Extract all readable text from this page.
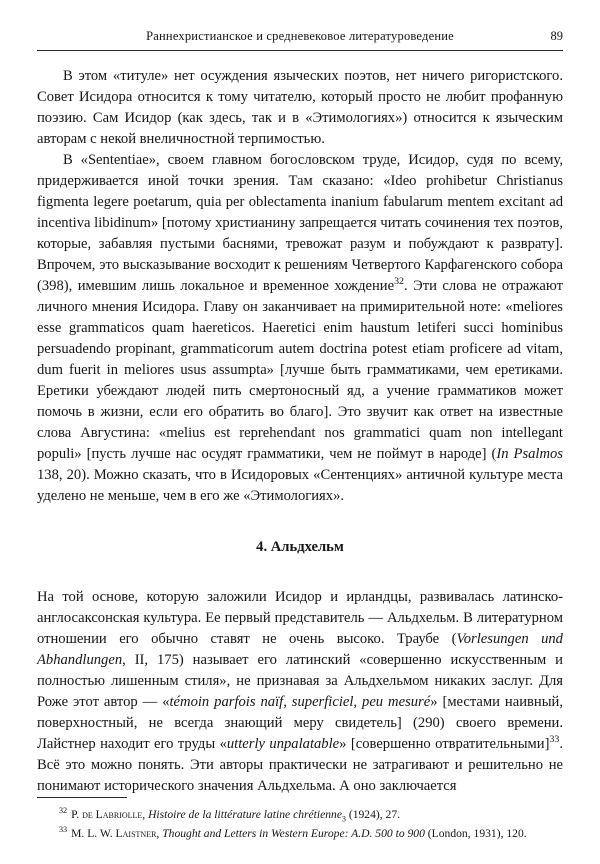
Раннехристианское и средневековое литературоведение	89

В этом «титуле» нет осуждения языческих поэтов, нет ничего ригористского. Совет Исидора относится к тому читателю, который просто не любит профанную поэзию. Сам Исидор (как здесь, так и в «Этимологиях») относится к языческим авторам с некой внеличностной терпимостью.

В «Sententiae», своем главном богословском труде, Исидор, судя по всему, придерживается иной точки зрения. Там сказано: «Ideo prohibetur Christianus figmenta legere poetarum, quia per oblectamenta inanium fabularum mentem excitant ad incentiva libidinum» [потому христианину запрещается читать сочинения тех поэтов, которые, забавляя пустыми баснями, тревожат разум и побуждают к разврату]. Впрочем, это высказывание восходит к решениям Четвертого Карфагенского собора (398), имевшим лишь локальное и временное хождение$^{32}$. Эти слова не отражают личного мнения Исидора. Главу он заканчивает на примирительной ноте: «meliores esse grammaticos quam haereticos. Haeretici enim haustum letiferi succi hominibus persuadendo propinant, grammaticorum autem doctrina potest etiam proficere ad vitam, dum fuerit in meliores usus assumpta» [лучше быть грамматиками, чем еретиками. Еретики убеждают людей пить смертоносный яд, а учение грамматиков может помочь в жизни, если его обратить во благо]. Это звучит как ответ на известные слова Августина: «melius est reprehendant nos grammatici quam non intellegant populi» [пусть лучше нас осудят грамматики, чем не поймут в народе] (In Psalmos 138, 20). Можно сказать, что в Исидоровых «Сентенциях» античной культуре места уделено не меньше, чем в его же «Этимологиях».

4. Альдхельм

На той основе, которую заложили Исидор и ирландцы, развивалась латинско-англосаксонская культура. Ее первый представитель — Альдхельм. В литературном отношении его обычно ставят не очень высоко. Траубе (Vorlesungen und Abhandlungen, II, 175) называет его латинский «совершенно искусственным и полностью лишенным стиля», не признавая за Альдхельмом никаких заслуг. Для Роже этот автор — «témoin parfois naïf, superficiel, peu mesuré» [местами наивный, поверхностный, не всегда знающий меру свидетель] (290) своего времени. Лайстнер находит его труды «utterly unpalatable» [совершенно отвратительными]$^{33}$. Всё это можно понять. Эти авторы практически не затрагивают и решительно не понимают исторического значения Альдхельма. А оно заключается

$^{32}$ P. de Labriolle, Histoire de la littérature latine chrétienne$_3$ (1924), 27.

$^{33}$ M. L. W. Laistner, Thought and Letters in Western Europe: A.D. 500 to 900 (London, 1931), 120.
